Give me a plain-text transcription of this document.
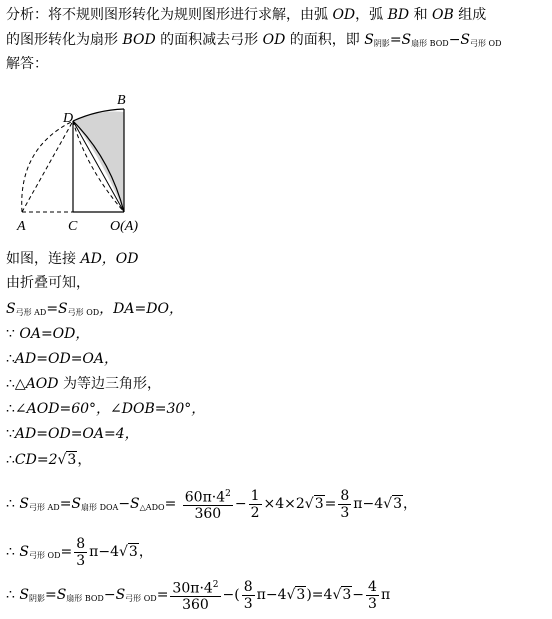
分析：将不规则图形转化为规则图形进行求解，由弧 OD，弧 BD 和 OB 组成
的图形转化为扇形 BOD 的面积减去弓形 OD 的面积，即 $S_{阴影}=S_{扇形 BOD}-S_{弓形 OD}$
解答：
B
D
A	C O(A)
如图，连接 AD，OD
由折叠可知，
$S_{弓形 AD}=S_{弓形 OD}$，DA=DO，
∵ OA=OD，
∴AD=OD=OA，
∴△AOD 为等边三角形，
∴∠AOD=60°，∠DOB=30°，
∵AD=OD=OA=4，
∴CD=2√3，
∴ $S_{弓形 AD}=S_{扇形 DOA}-S_{\triangle ADO}= \frac{60\pi\cdot 4^2}{360} - \frac{1}{2} \times 4\times 2√3= \frac{8}{3} \pi-4√3$，
∴ $S_{弓形 OD}= \frac{8}{3} \pi-4√3$，
∴ $S_{阴影}=S_{扇形 BOD}-S_{弓形 OD}= \frac{30\pi\cdot 4^2}{360}$ −( $\frac{8}{3} \pi-4√3)=4√3- \frac{4}{3}$ π
